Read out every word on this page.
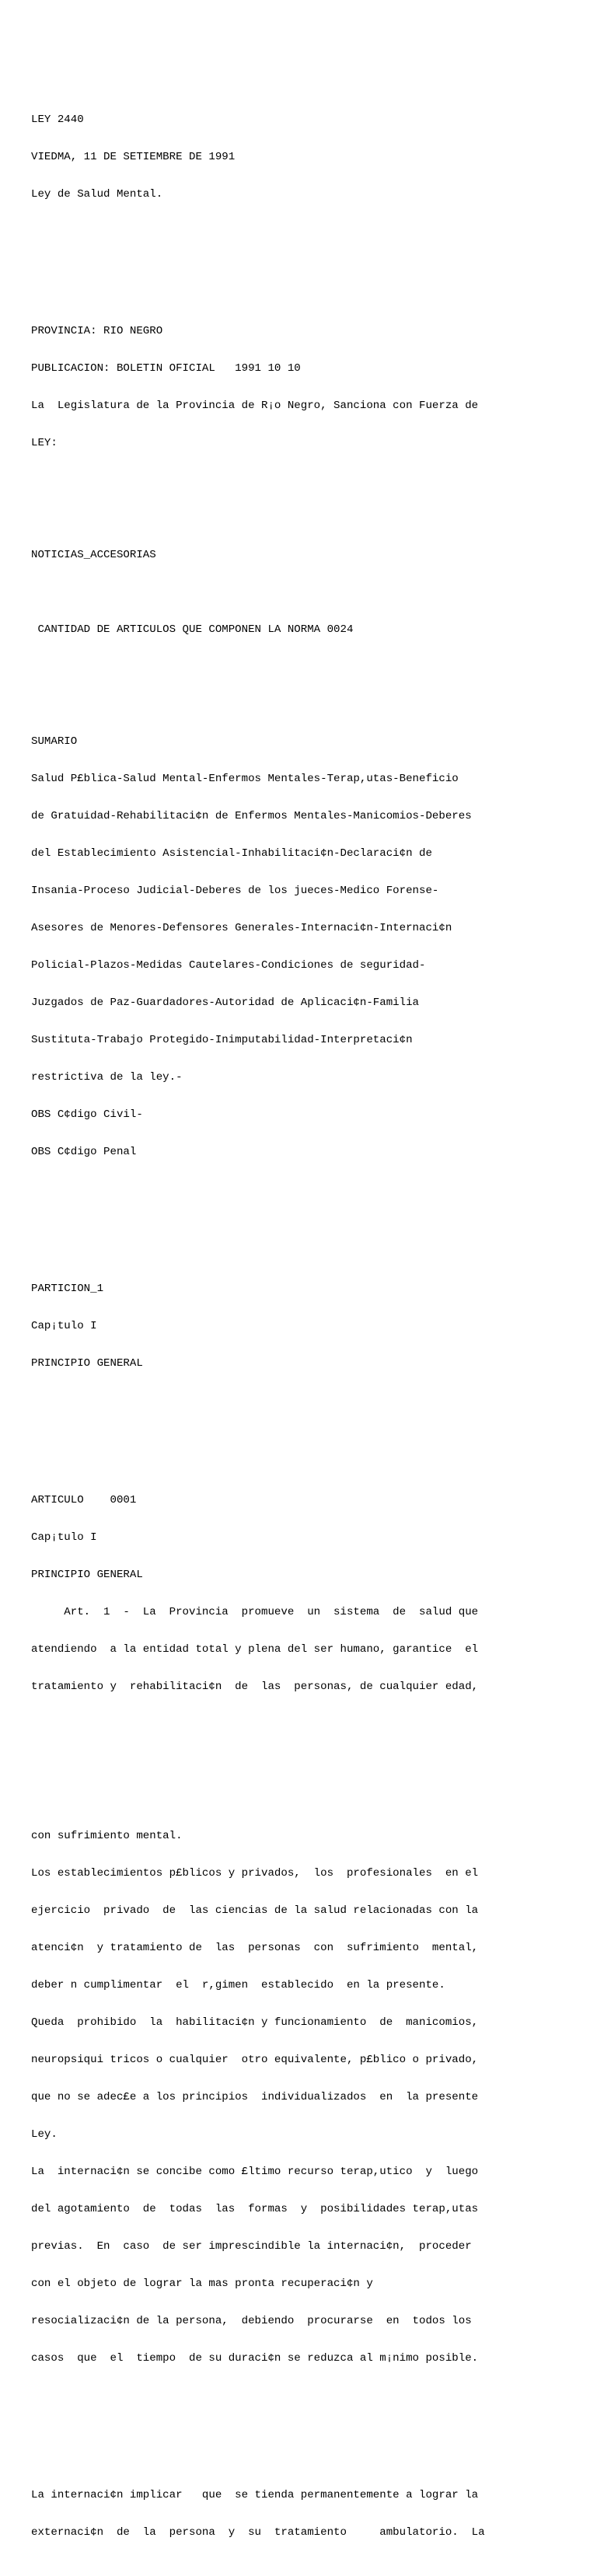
LEY 2440

VIEDMA, 11 DE SETIEMBRE DE 1991

Ley de Salud Mental.

PROVINCIA: RIO NEGRO

PUBLICACION: BOLETIN OFICIAL   1991 10 10

La  Legislatura de la Provincia de R¡o Negro, Sanciona con Fuerza de

LEY:

NOTICIAS_ACCESORIAS

CANTIDAD DE ARTICULOS QUE COMPONEN LA NORMA 0024

SUMARIO

Salud P£blica-Salud Mental-Enfermos Mentales-Terap,utas-Beneficio

de Gratuidad-Rehabilitaci¢n de Enfermos Mentales-Manicomios-Deberes

del Establecimiento Asistencial-Inhabilitaci¢n-Declaraci¢n de

Insania-Proceso Judicial-Deberes de los jueces-Medico Forense-

Asesores de Menores-Defensores Generales-Internaci¢n-Internaci¢n

Policial-Plazos-Medidas Cautelares-Condiciones de seguridad-

Juzgados de Paz-Guardadores-Autoridad de Aplicaci¢n-Familia

Sustituta-Trabajo Protegido-Inimputabilidad-Interpretaci¢n

restrictiva de la ley.-

OBS C¢digo Civil-

OBS C¢digo Penal

PARTICION_1

Cap¡tulo I

PRINCIPIO GENERAL

ARTICULO    0001

Cap¡tulo I

PRINCIPIO GENERAL

Art.  1  -  La  Provincia  promueve  un  sistema  de  salud que

atendiendo  a la entidad total y plena del ser humano, garantice  el

tratamiento y  rehabilitaci¢n  de  las  personas, de cualquier edad,

con sufrimiento mental.

Los establecimientos p£blicos y privados,  los  profesionales  en el

ejercicio  privado  de  las ciencias de la salud relacionadas con la

atenci¢n  y tratamiento de  las  personas  con  sufrimiento  mental,

deber n cumplimentar  el  r,gimen  establecido  en la presente.

Queda  prohibido  la  habilitaci¢n y funcionamiento  de  manicomios,

neuropsiqui tricos o cualquier  otro equivalente, p£blico o privado,

que no se adec£e a los principios  individualizados  en  la presente

Ley.

La  internaci¢n se concibe como £ltimo recurso terap,utico  y  luego

del agotamiento  de  todas  las  formas  y  posibilidades terap,utas

previas.  En  caso  de ser imprescindible la internaci¢n,  proceder

con el objeto de lograr la mas pronta recuperaci¢n y

resocializaci¢n de la persona,  debiendo  procurarse  en  todos los

casos  que  el  tiempo  de su duraci¢n se reduzca al m¡nimo posible.

La internaci¢n implicar   que  se tienda permanentemente a lograr la

externaci¢n  de  la  persona  y  su  tratamiento     ambulatorio.  La
